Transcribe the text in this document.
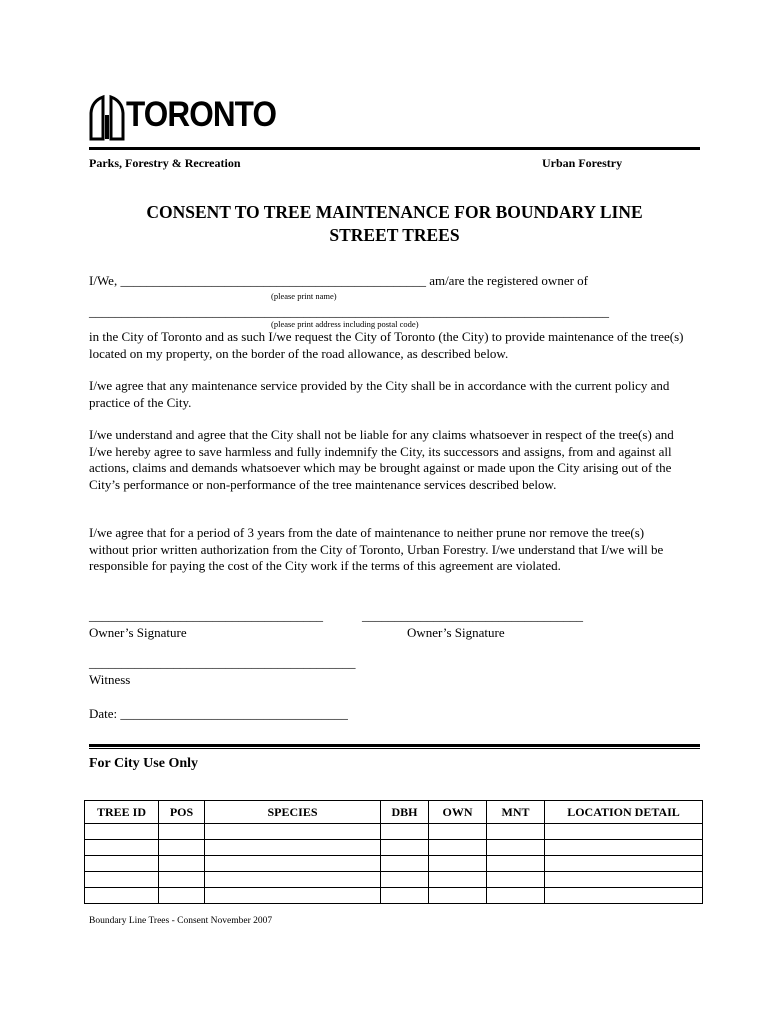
TORONTO
Parks, Forestry & Recreation	Urban Forestry
CONSENT TO TREE MAINTENANCE FOR BOUNDARY LINE
STREET TREES
I/We, _______________________________________________ am/are the registered owner of
(please print name)
________________________________________________________________________________
(please print address including postal code)
in the City of Toronto and as such I/we request the City of Toronto (the City) to provide maintenance of the tree(s) located on my property, on the border of the road allowance, as described below.
I/we agree that any maintenance service provided by the City shall be in accordance with the current policy and practice of the City.
I/we understand and agree that the City shall not be liable for any claims whatsoever in respect of the tree(s) and I/we hereby agree to save harmless and fully indemnify the City, its successors and assigns, from and against all actions, claims and demands whatsoever which may be brought against or made upon the City arising out of the City’s performance or non-performance of the tree maintenance services described below.
I/we agree that for a period of 3 years from the date of maintenance to neither prune nor remove the tree(s) without prior written authorization from the City of Toronto, Urban Forestry. I/we understand that I/we will be responsible for paying the cost of the City work if the terms of this agreement are violated.
____________________________________
Owner’s Signature
__________________________________
Owner’s Signature
_________________________________________
Witness
Date: ___________________________________
For City Use Only
TREE ID	POS	SPECIES	DBH	OWN	MNT	LOCATION DETAIL

Boundary Line Trees - Consent November 2007
